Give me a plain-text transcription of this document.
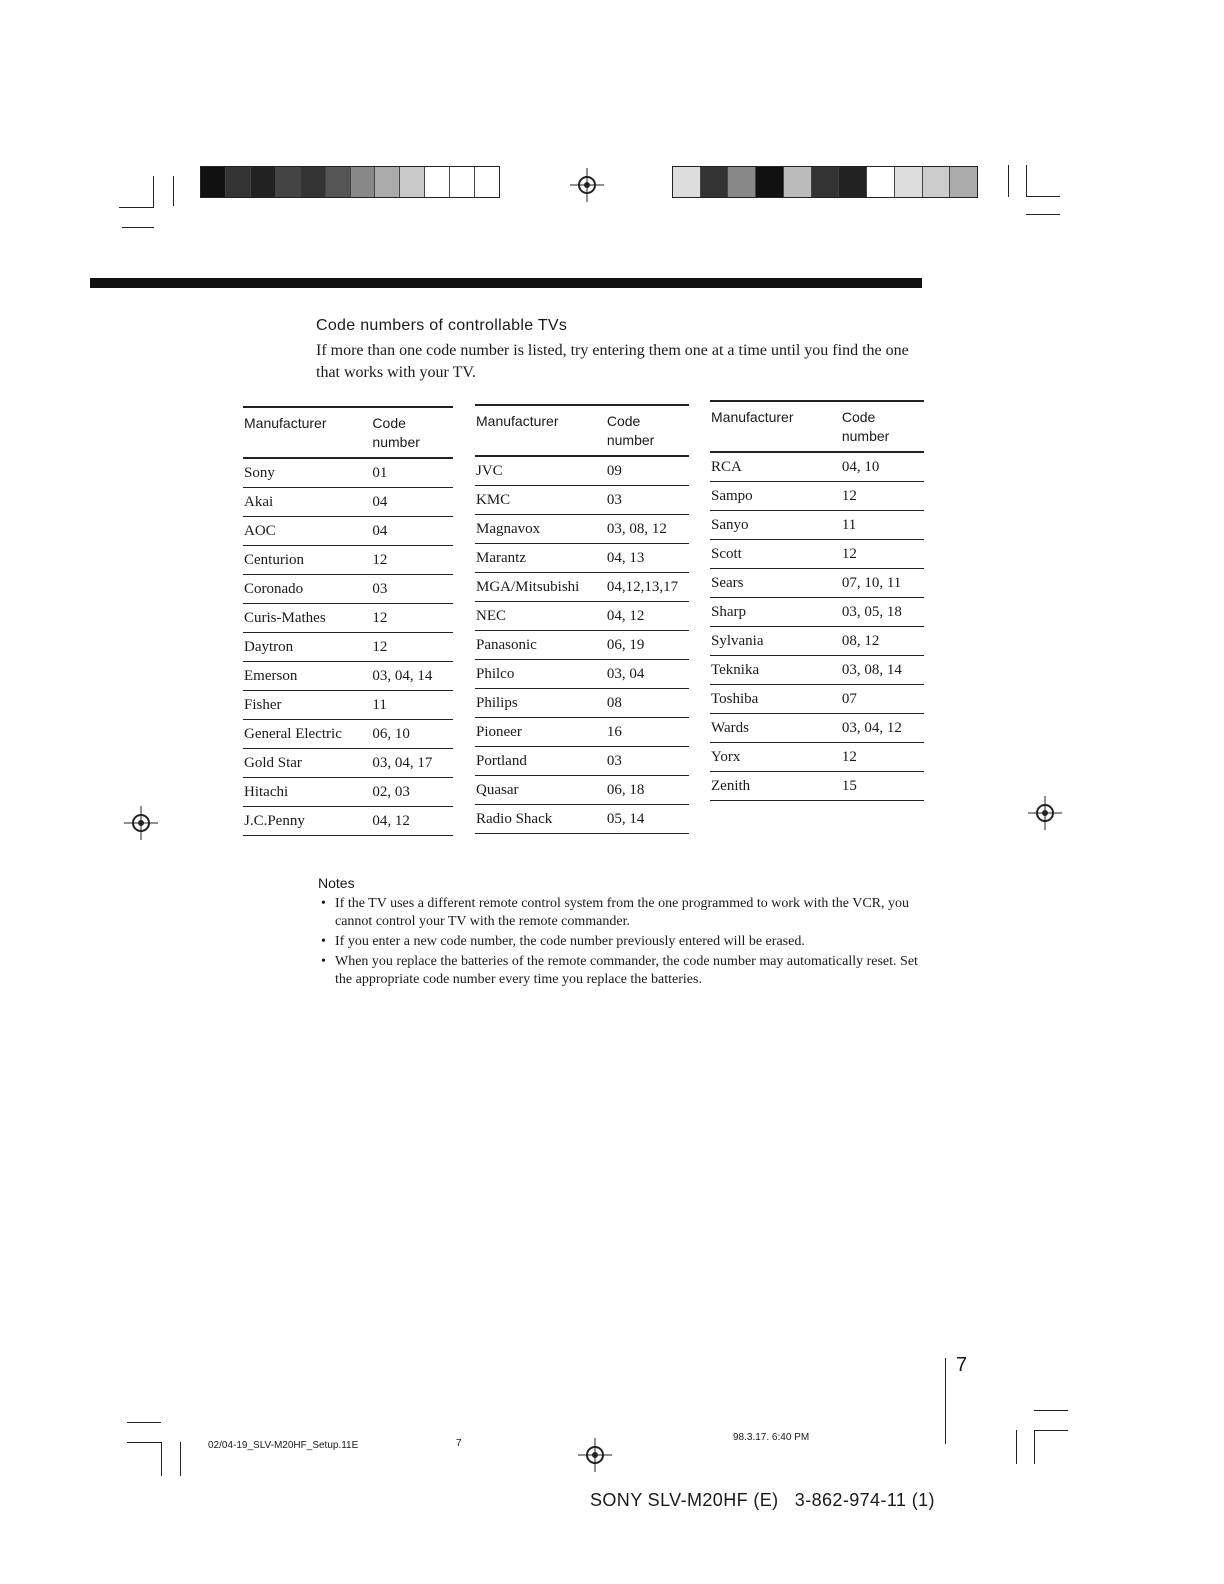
Code numbers of controllable TVs
If more than one code number is listed, try entering them one at a time until you find the one that works with your TV.
Manufacturer	Code
number
Sony	01
Akai	04
AOC	04
Centurion	12
Coronado	03
Curis-Mathes	12
Daytron	12
Emerson	03, 04, 14
Fisher	11
General Electric	06, 10
Gold Star	03, 04, 17
Hitachi	02, 03
J.C.Penny	04, 12
Manufacturer	Code
number
JVC	09
KMC	03
Magnavox	03, 08, 12
Marantz	04, 13
MGA/Mitsubishi	04,12,13,17
NEC	04, 12
Panasonic	06, 19
Philco	03, 04
Philips	08
Pioneer	16
Portland	03
Quasar	06, 18
Radio Shack	05, 14
Manufacturer	Code
number
RCA	04, 10
Sampo	12
Sanyo	11
Scott	12
Sears	07, 10, 11
Sharp	03, 05, 18
Sylvania	08, 12
Teknika	03, 08, 14
Toshiba	07
Wards	03, 04, 12
Yorx	12
Zenith	15
Notes
• If the TV uses a different remote control system from the one programmed to work with the VCR, you cannot control your TV with the remote commander.
• If you enter a new code number, the code number previously entered will be erased.
• When you replace the batteries of the remote commander, the code number may automatically reset. Set the appropriate code number every time you replace the batteries.
7
02/04-19_SLV-M20HF_Setup.11E	7
98.3.17. 6:40 PM
SONY SLV-M20HF (E)   3-862-974-11 (1)
